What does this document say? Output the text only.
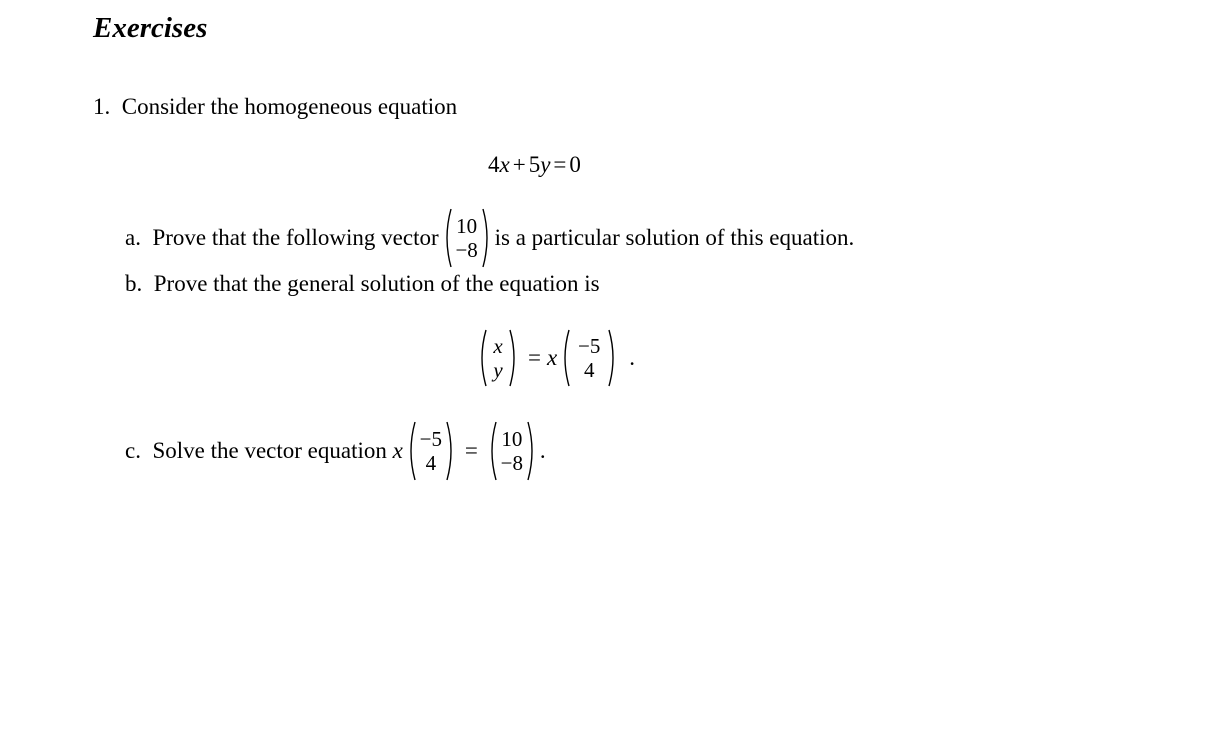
Exercises
1.
Consider the homogeneous equation
4 x + 5 y = 0
a.
Prove that the following vector 10
−8 is a particular solution of this equation.
b.
Prove that the general solution of the equation is
x
y = x −5
4 .
c.
Solve the vector equation
x −5
4 = 10
−8 .
